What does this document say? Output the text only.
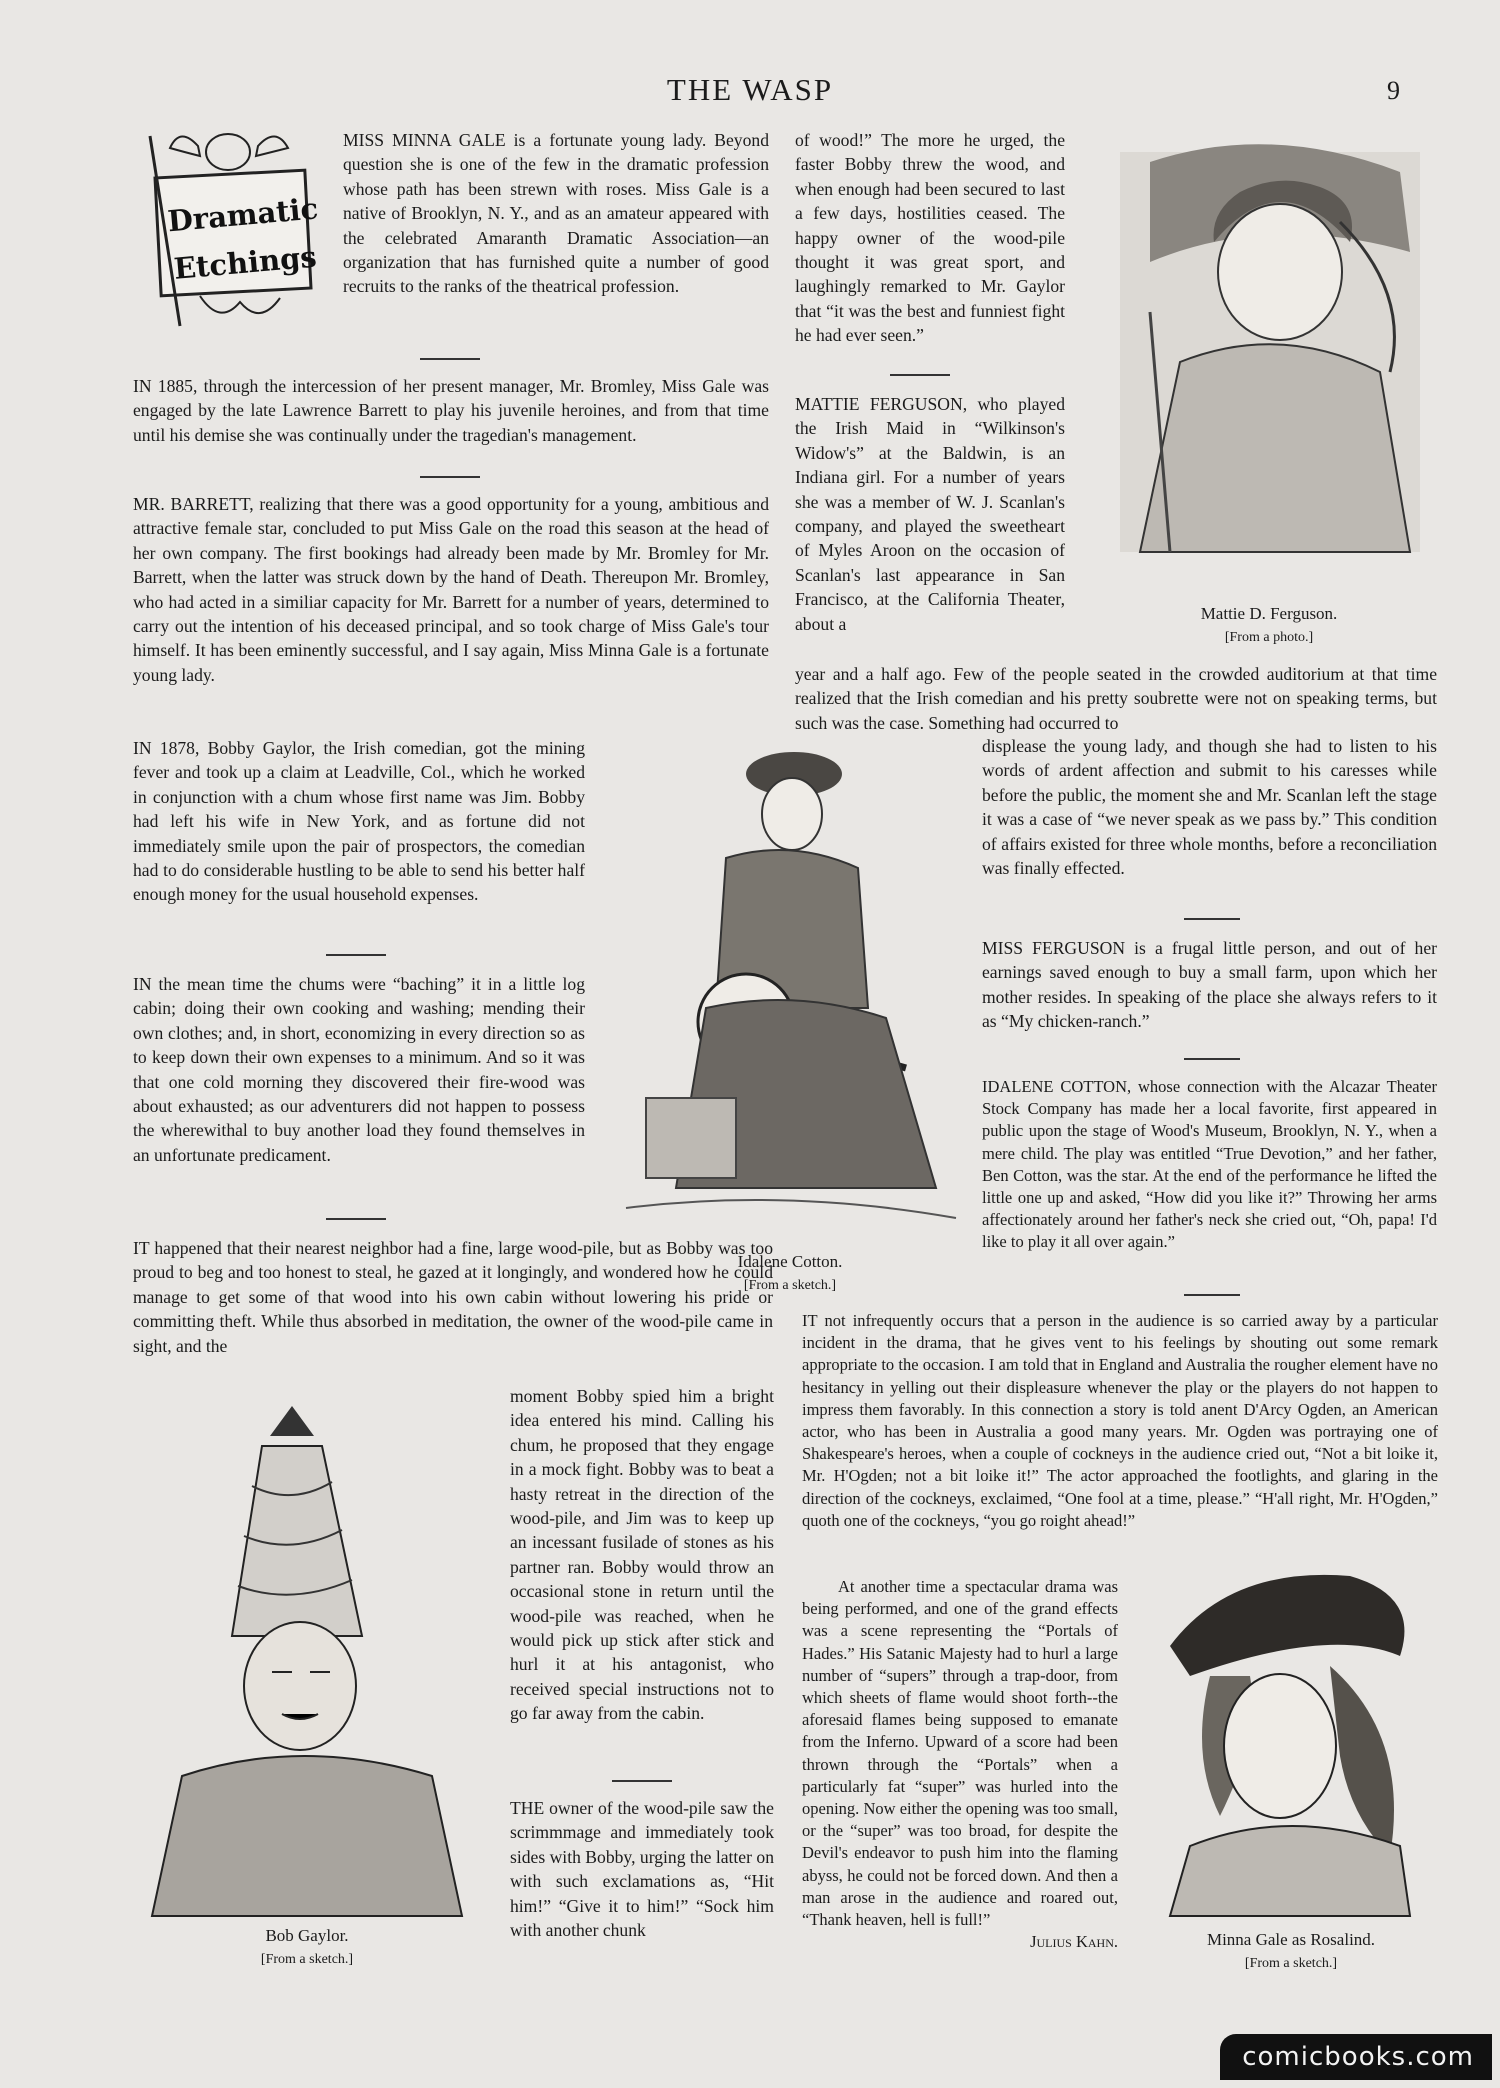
THE WASP	9
Dramatic
Etchings

MISS MINNA GALE is a fortunate young lady. Beyond question she is one of the few in the dramatic profession whose path has been strewn with roses. Miss Gale is a native of Brooklyn, N. Y., and as an amateur appeared with the celebrated Amaranth Dramatic Association—an organization that has furnished quite a number of good recruits to the ranks of the theatrical profession.

IN 1885, through the intercession of her present manager, Mr. Bromley, Miss Gale was engaged by the late Lawrence Barrett to play his juvenile heroines, and from that time until his demise she was continually under the tragedian's management.

MR. BARRETT, realizing that there was a good opportunity for a young, ambitious and attractive female star, concluded to put Miss Gale on the road this season at the head of her own company. The first bookings had already been made by Mr. Bromley for Mr. Barrett, when the latter was struck down by the hand of Death. Thereupon Mr. Bromley, who had acted in a similiar capacity for Mr. Barrett for a number of years, determined to carry out the intention of his deceased principal, and so took charge of Miss Gale's tour himself. It has been eminently successful, and I say again, Miss Minna Gale is a fortunate young lady.

IN 1878, Bobby Gaylor, the Irish comedian, got the mining fever and took up a claim at Leadville, Col., which he worked in conjunction with a chum whose first name was Jim. Bobby had left his wife in New York, and as fortune did not immediately smile upon the pair of prospectors, the comedian had to do considerable hustling to be able to send his better half enough money for the usual household expenses.

IN the mean time the chums were “baching” it in a little log cabin; doing their own cooking and washing; mending their own clothes; and, in short, economizing in every direction so as to keep down their own expenses to a minimum. And so it was that one cold morning they discovered their fire-wood was about exhausted; as our adventurers did not happen to possess the wherewithal to buy another load they found themselves in an unfortunate predicament.

IT happened that their nearest neighbor had a fine, large wood-pile, but as Bobby was too proud to beg and too honest to steal, he gazed at it longingly, and wondered how he could manage to get some of that wood into his own cabin without lowering his pride or committing theft. While thus absorbed in meditation, the owner of the wood-pile came in sight, and the

moment Bobby spied him a bright idea entered his mind. Calling his chum, he proposed that they engage in a mock fight. Bobby was to beat a hasty retreat in the direction of the wood-pile, and Jim was to keep up an incessant fusilade of stones as his partner ran. Bobby would throw an occasional stone in return until the wood-pile was reached, when he would pick up stick after stick and hurl it at his antagonist, who received special instructions not to go far away from the cabin.

THE owner of the wood-pile saw the scrimmmage and immediately took sides with Bobby, urging the latter on with such exclamations as, “Hit him!” “Give it to him!” “Sock him with another chunk

of wood!” The more he urged, the faster Bobby threw the wood, and when enough had been secured to last a few days, hostilities ceased. The happy owner of the wood-pile thought it was great sport, and laughingly remarked to Mr. Gaylor that “it was the best and funniest fight he had ever seen.”

MATTIE FERGUSON, who played the Irish Maid in “Wilkinson's Widow's” at the Baldwin, is an Indiana girl. For a number of years she was a member of W. J. Scanlan's company, and played the sweetheart of Myles Aroon on the occasion of Scanlan's last appearance in San Francisco, at the California Theater, about a

year and a half ago. Few of the people seated in the crowded auditorium at that time realized that the Irish comedian and his pretty soubrette were not on speaking terms, but such was the case. Something had occurred to

displease the young lady, and though she had to listen to his words of ardent affection and submit to his caresses while before the public, the moment she and Mr. Scanlan left the stage it was a case of “we never speak as we pass by.” This condition of affairs existed for three whole months, before a reconciliation was finally effected.

MISS FERGUSON is a frugal little person, and out of her earnings saved enough to buy a small farm, upon which her mother resides. In speaking of the place she always refers to it as “My chicken-ranch.”

IDALENE COTTON, whose connection with the Alcazar Theater Stock Company has made her a local favorite, first appeared in public upon the stage of Wood's Museum, Brooklyn, N. Y., when a mere child. The play was entitled “True Devotion,” and her father, Ben Cotton, was the star. At the end of the performance he lifted the little one up and asked, “How did you like it?” Throwing her arms affectionately around her father's neck she cried out, “Oh, papa! I'd like to play it all over again.”

IT not infrequently occurs that a person in the audience is so carried away by a particular incident in the drama, that he gives vent to his feelings by shouting out some remark appropriate to the occasion. I am told that in England and Australia the rougher element have no hesitancy in yelling out their displeasure whenever the play or the players do not happen to impress them favorably. In this connection a story is told anent D'Arcy Ogden, an American actor, who has been in Australia a good many years. Mr. Ogden was portraying one of Shakespeare's heroes, when a couple of cockneys in the audience cried out, “Not a bit loike it, Mr. H'Ogden; not a bit loike it!” The actor approached the footlights, and glaring in the direction of the cockneys, exclaimed, “One fool at a time, please.” “H'all right, Mr. H'Ogden,” quoth one of the cockneys, “you go roight ahead!”

At another time a spectacular drama was being performed, and one of the grand effects was a scene representing the “Portals of Hades.” His Satanic Majesty had to hurl a large number of “supers” through a trap-door, from which sheets of flame would shoot forth--the aforesaid flames being supposed to emanate from the Inferno. Upward of a score had been thrown through the “Portals” when a particularly fat “super” was hurled into the opening. Now either the opening was too small, or the “super” was too broad, for despite the Devil's endeavor to push him into the flaming abyss, he could not be forced down. And then a man arose in the audience and roared out, “Thank heaven, hell is full!”

Julius Kahn.

Mattie D. Ferguson.
[From a photo.]
Idalene Cotton.
[From a sketch.]
Bob Gaylor.
[From a sketch.]
Minna Gale as Rosalind.
[From a sketch.]
comicbooks.com
